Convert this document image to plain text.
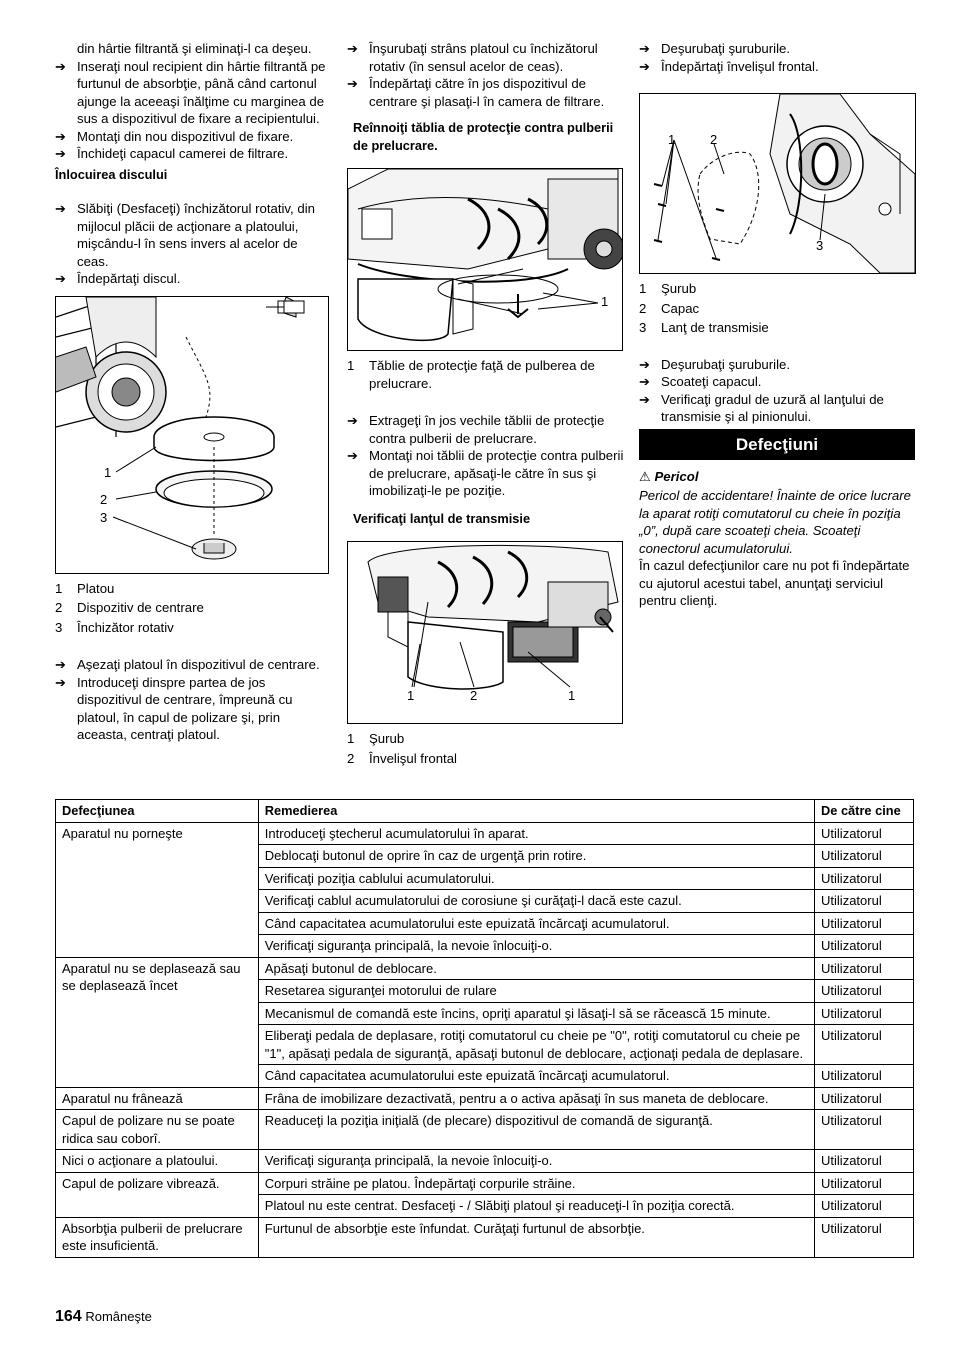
din hârtie filtrantă şi eliminaţi-l ca deşeu.

➔ Inseraţi noul recipient din hârtie filtrantă pe furtunul de absorbţie, până când cartonul ajunge la aceeaşi înălţime cu marginea de sus a dispozitivul de fixare a recipientului.
➔ Montaţi din nou dispozitivul de fixare.
➔ Închideţi capacul camerei de filtrare.

Înlocuirea discului

➔ Slăbiţi (Desfaceţi) închizătorul rotativ, din mijlocul plăcii de acţionare a platoului, mişcându-l în sens invers al acelor de ceas.
➔ Îndepărtaţi discul.
1
2
3
1 Platou
2 Dispozitiv de centrare
3 Închizător rotativ
➔ Aşezaţi platoul în dispozitivul de centrare.
➔ Introduceţi dinspre partea de jos dispozitivul de centrare, împreună cu platoul, în capul de polizare şi, prin aceasta, centraţi platoul.
➔ Înşurubaţi strâns platoul cu închizătorul rotativ (în sensul acelor de ceas).
➔ Îndepărtaţi către în jos dispozitivul de centrare şi plasaţi-l în camera de filtrare.

Reînnoiţi tăblia de protecţie contra pulberii de prelucrare.

1
1 Tăblie de protecţie faţă de pulberea de prelucrare.
➔ Extrageţi în jos vechile tăblii de protecţie contra pulberii de prelucrare.
➔ Montaţi noi tăblii de protecţie contra pulberii de prelucrare, apăsaţi-le către în sus şi imobilizaţi-le pe poziţie.

Verificaţi lanţul de transmisie

1	2	1
1 Şurub
2 Învelişul frontal
➔ Deşurubaţi şuruburile.
➔ Îndepărtaţi învelişul frontal.
1	2
3
1 Şurub
2 Capac
3 Lanţ de transmisie
➔ Deşurubaţi şuruburile.
➔ Scoateţi capacul.
➔ Verificaţi gradul de uzură al lanţului de transmisie şi al pinionului.
Defecţiuni

⚠ Pericol

Pericol de accidentare! Înainte de orice lucrare la aparat rotiţi comutatorul cu cheie în poziţia „0”, după care scoateţi cheia. Scoateţi conectorul acumulatorului.

În cazul defecţiunilor care nu pot fi îndepărtate cu ajutorul acestui tabel, anunţaţi serviciul pentru clienţi.

Defecţiunea	Remedierea	De către cine
Aparatul nu porneşte	Introduceţi ştecherul acumulatorului în aparat.	Utilizatorul
	Deblocaţi butonul de oprire în caz de urgenţă prin rotire.	Utilizatorul
	Verificaţi poziţia cablului acumulatorului.	Utilizatorul
	Verificaţi cablul acumulatorului de corosiune şi curăţaţi-l dacă este cazul.	Utilizatorul
	Când capacitatea acumulatorului este epuizată încărcaţi acumulatorul.	Utilizatorul
	Verificaţi siguranţa principală, la nevoie înlocuiţi-o.	Utilizatorul
Aparatul nu se deplasează sau se deplasează încet	Apăsaţi butonul de deblocare.	Utilizatorul
	Resetarea siguranţei motorului de rulare	Utilizatorul
	Mecanismul de comandă este încins, opriţi aparatul şi lăsaţi-l să se răcească 15 minute.	Utilizatorul
	Eliberaţi pedala de deplasare, rotiţi comutatorul cu cheie pe "0", rotiţi comutatorul cu cheie pe "1", apăsaţi pedala de siguranţă, apăsaţi butonul de deblocare, acţionaţi pedala de deplasare.	Utilizatorul
	Când capacitatea acumulatorului este epuizată încărcaţi acumulatorul.	Utilizatorul
Aparatul nu frânează	Frâna de imobilizare dezactivată, pentru a o activa apăsaţi în sus maneta de deblocare.	Utilizatorul
Capul de polizare nu se poate ridica sau coborî.	Readuceţi la poziţia iniţială (de plecare) dispozitivul de comandă de siguranţă.	Utilizatorul
Nici o acţionare a platoului.	Verificaţi siguranţa principală, la nevoie înlocuiţi-o.	Utilizatorul
Capul de polizare vibrează.	Corpuri străine pe platou. Îndepărtaţi corpurile străine.	Utilizatorul
	Platoul nu este centrat. Desfaceţi - / Slăbiţi platoul şi readuceţi-l în poziţia corectă.	Utilizatorul
Absorbţia pulberii de prelucrare este insuficientă.	Furtunul de absorbţie este înfundat. Curăţaţi furtunul de absorbţie.	Utilizatorul
164 Româneşte
